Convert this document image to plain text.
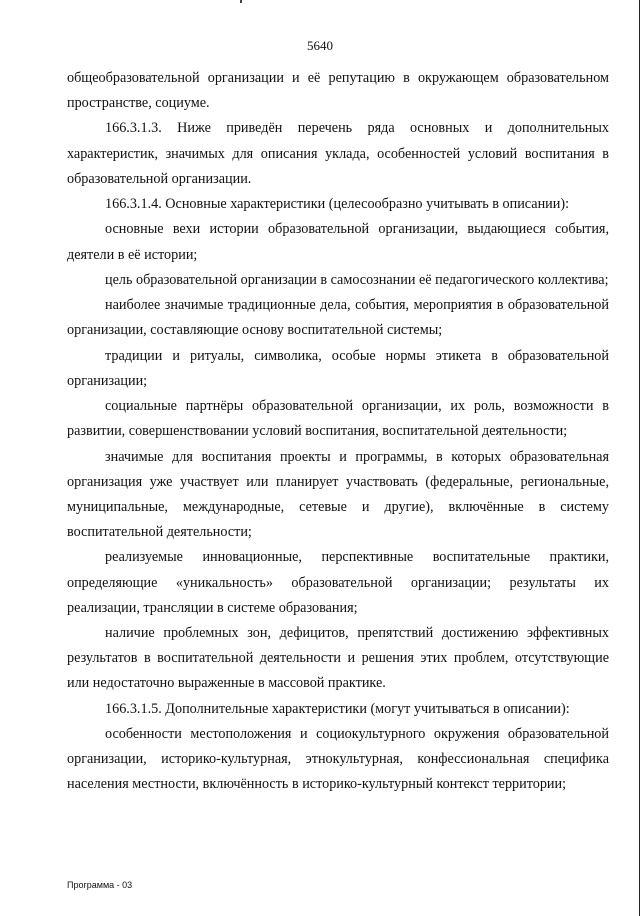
5640

общеобразовательной организации и её репутацию в окружающем образовательном пространстве, социуме.

166.3.1.3. Ниже приведён перечень ряда основных и дополнительных характеристик, значимых для описания уклада, особенностей условий воспитания в образовательной организации.

166.3.1.4. Основные характеристики (целесообразно учитывать в описании):

основные вехи истории образовательной организации, выдающиеся события, деятели в её истории;

цель образовательной организации в самосознании её педагогического коллектива;

наиболее значимые традиционные дела, события, мероприятия в образовательной организации, составляющие основу воспитательной системы;

традиции и ритуалы, символика, особые нормы этикета в образовательной организации;

социальные партнёры образовательной организации, их роль, возможности в развитии, совершенствовании условий воспитания, воспитательной деятельности;

значимые для воспитания проекты и программы, в которых образовательная организация уже участвует или планирует участвовать (федеральные, региональные, муниципальные, международные, сетевые и другие), включённые в систему воспитательной деятельности;

реализуемые инновационные, перспективные воспитательные практики, определяющие «уникальность» образовательной организации; результаты их реализации, трансляции в системе образования;

наличие проблемных зон, дефицитов, препятствий достижению эффективных результатов в воспитательной деятельности и решения этих проблем, отсутствующие или недостаточно выраженные в массовой практике.

166.3.1.5. Дополнительные характеристики (могут учитываться в описании):

особенности местоположения и социокультурного окружения образовательной организации, историко-культурная, этнокультурная, конфессиональная специфика населения местности, включённость в историко-культурный контекст территории;

Программа - 03
